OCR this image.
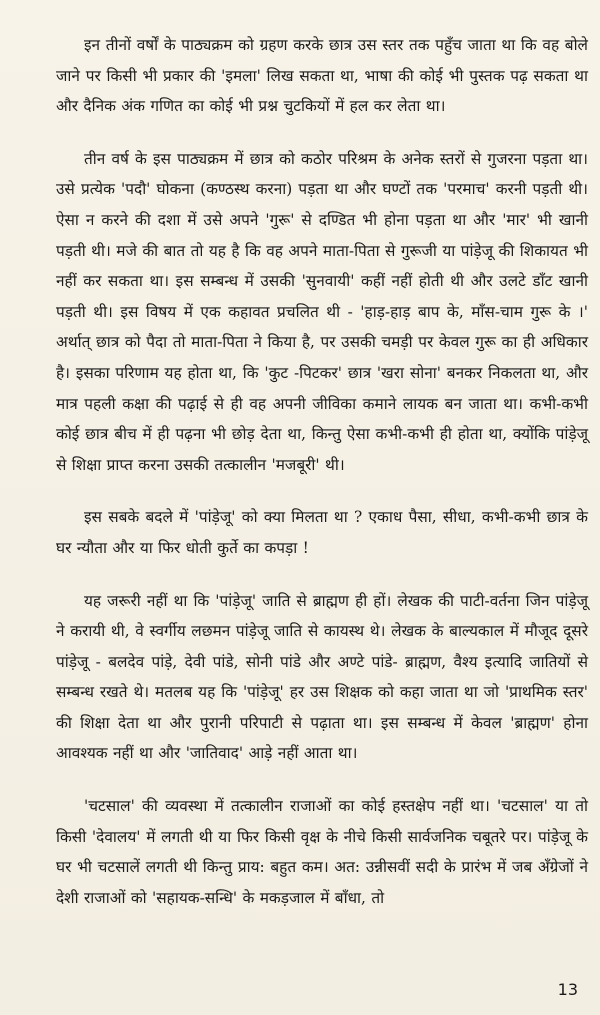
इन तीनों वर्षों के पाठ्यक्रम को ग्रहण करके छात्र उस स्तर तक पहुँच जाता था कि वह बोले जाने पर किसी भी प्रकार की 'इमला' लिख सकता था, भाषा की कोई भी पुस्तक पढ़ सकता था और दैनिक अंक गणित का कोई भी प्रश्न चुटकियों में हल कर लेता था।

तीन वर्ष के इस पाठ्यक्रम में छात्र को कठोर परिश्रम के अनेक स्तरों से गुजरना पड़ता था। उसे प्रत्येक 'पदौ' घोकना (कण्ठस्थ करना) पड़ता था और घण्टों तक 'परमाच' करनी पड़ती थी। ऐसा न करने की दशा में उसे अपने 'गुरू' से दण्डित भी होना पड़ता था और 'मार' भी खानी पड़ती थी। मजे की बात तो यह है कि वह अपने माता-पिता से गुरूजी या पांड़ेजू की शिकायत भी नहीं कर सकता था। इस सम्बन्ध में उसकी 'सुनवायी' कहीं नहीं होती थी और उलटे डाँट खानी पड़ती थी। इस विषय में एक कहावत प्रचलित थी - 'हाड़-हाड़ बाप के, माँस-चाम गुरू के ।' अर्थात् छात्र को पैदा तो माता-पिता ने किया है, पर उसकी चमड़ी पर केवल गुरू का ही अधिकार है। इसका परिणाम यह होता था, कि 'कुट -पिटकर' छात्र 'खरा सोना' बनकर निकलता था, और मात्र पहली कक्षा की पढ़ाई से ही वह अपनी जीविका कमाने लायक बन जाता था। कभी-कभी कोई छात्र बीच में ही पढ़ना भी छोड़ देता था, किन्तु ऐसा कभी-कभी ही होता था, क्योंकि पांड़ेजू से शिक्षा प्राप्त करना उसकी तत्कालीन 'मजबूरी' थी।

इस सबके बदले में 'पांड़ेजू' को क्या मिलता था ? एकाध पैसा, सीधा, कभी-कभी छात्र के घर न्यौता और या फिर धोती कुर्ते का कपड़ा !

यह जरूरी नहीं था कि 'पांड़ेजू' जाति से ब्राह्मण ही हों। लेखक की पाटी-वर्तना जिन पांड़ेजू ने करायी थी, वे स्वर्गीय लछमन पांड़ेजू जाति से कायस्थ थे। लेखक के बाल्यकाल में मौजूद दूसरे पांड़ेजू - बलदेव पांड़े, देवी पांडे, सोनी पांडे और अण्टे पांडे- ब्राह्मण, वैश्य इत्यादि जातियों से सम्बन्ध रखते थे। मतलब यह कि 'पांड़ेजू' हर उस शिक्षक को कहा जाता था जो 'प्राथमिक स्तर' की शिक्षा देता था और पुरानी परिपाटी से पढ़ाता था। इस सम्बन्ध में केवल 'ब्राह्मण' होना आवश्यक नहीं था और 'जातिवाद' आड़े नहीं आता था।

'चटसाल' की व्यवस्था में तत्कालीन राजाओं का कोई हस्तक्षेप नहीं था। 'चटसाल' या तो किसी 'देवालय' में लगती थी या फिर किसी वृक्ष के नीचे किसी सार्वजनिक चबूतरे पर। पांड़ेजू के घर भी चटसालें लगती थी किन्तु प्राय: बहुत कम। अत: उन्नीसवीं सदी के प्रारंभ में जब अँग्रेजों ने देशी राजाओं को 'सहायक-सन्धि' के मकड़जाल में बाँधा, तो

13
